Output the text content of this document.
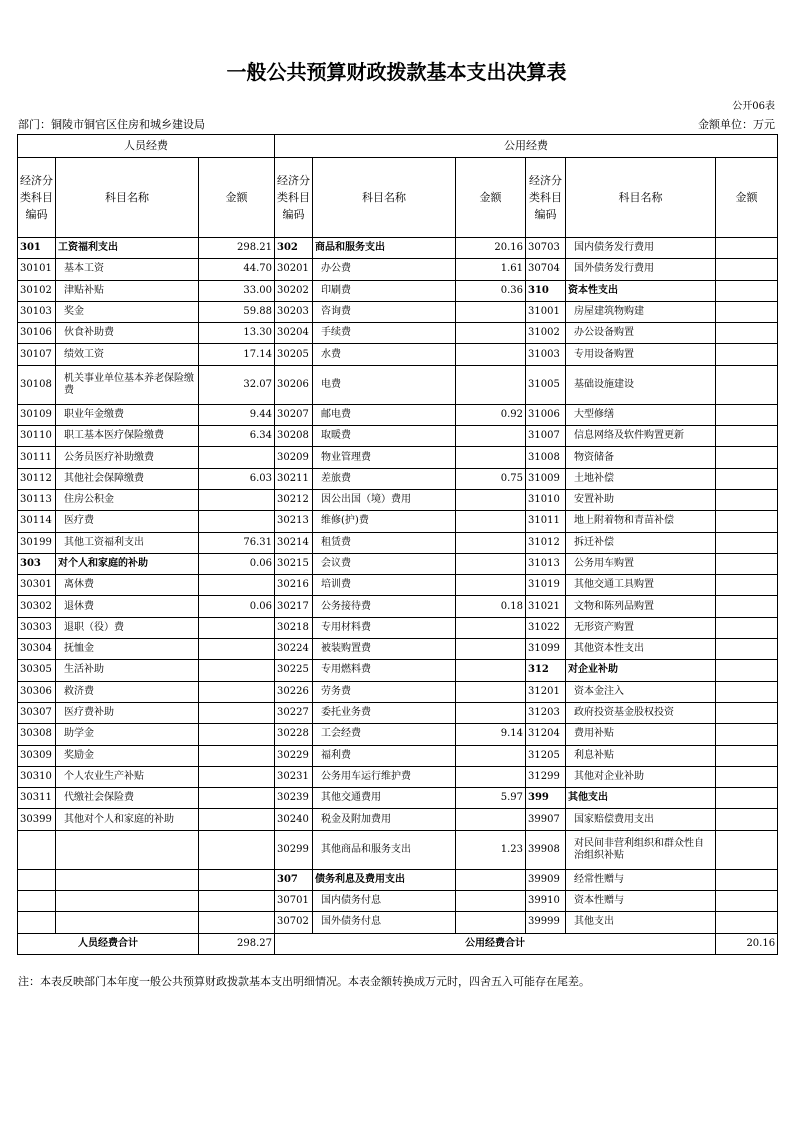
一般公共预算财政拨款基本支出决算表
公开06表
部门：铜陵市铜官区住房和城乡建设局	金额单位：万元
人员经费			公用经费					
经济分类科目编码	科目名称	金额	经济分类科目编码	科目名称	金额	经济分类科目编码	科目名称	金额
301	工资福利支出	298.21	302	商品和服务支出	20.16	30703	国内债务发行费用	
30101	基本工资	44.70	30201	办公费	1.61	30704	国外债务发行费用	
30102	津贴补贴	33.00	30202	印刷费	0.36	310	资本性支出	
30103	奖金	59.88	30203	咨询费		31001	房屋建筑物购建	
30106	伙食补助费	13.30	30204	手续费		31002	办公设备购置	
30107	绩效工资	17.14	30205	水费		31003	专用设备购置	
30108	机关事业单位基本养老保险缴费	32.07	30206	电费		31005	基础设施建设	
30109	职业年金缴费	9.44	30207	邮电费	0.92	31006	大型修缮	
30110	职工基本医疗保险缴费	6.34	30208	取暖费		31007	信息网络及软件购置更新	
30111	公务员医疗补助缴费		30209	物业管理费		31008	物资储备	
30112	其他社会保障缴费	6.03	30211	差旅费	0.75	31009	土地补偿	
30113	住房公积金		30212	因公出国（境）费用		31010	安置补助	
30114	医疗费		30213	维修(护)费		31011	地上附着物和青苗补偿	
30199	其他工资福利支出	76.31	30214	租赁费		31012	拆迁补偿	
303	对个人和家庭的补助	0.06	30215	会议费		31013	公务用车购置	
30301	离休费		30216	培训费		31019	其他交通工具购置	
30302	退休费	0.06	30217	公务接待费	0.18	31021	文物和陈列品购置	
30303	退职（役）费		30218	专用材料费		31022	无形资产购置	
30304	抚恤金		30224	被装购置费		31099	其他资本性支出	
30305	生活补助		30225	专用燃料费		312	对企业补助	
30306	救济费		30226	劳务费		31201	资本金注入	
30307	医疗费补助		30227	委托业务费		31203	政府投资基金股权投资	
30308	助学金		30228	工会经费	9.14	31204	费用补贴	
30309	奖励金		30229	福利费		31205	利息补贴	
30310	个人农业生产补贴		30231	公务用车运行维护费		31299	其他对企业补助	
30311	代缴社会保险费		30239	其他交通费用	5.97	399	其他支出	
30399	其他对个人和家庭的补助		30240	税金及附加费用		39907	国家赔偿费用支出	
			30299	其他商品和服务支出	1.23	39908	对民间非营利组织和群众性自治组织补贴	
			307	债务利息及费用支出		39909	经常性赠与	
			30701	国内债务付息		39910	资本性赠与	
			30702	国外债务付息		39999	其他支出	
人员经费合计		298.27	公用经费合计					20.16
注：本表反映部门本年度一般公共预算财政拨款基本支出明细情况。本表金额转换成万元时，四舍五入可能存在尾差。
